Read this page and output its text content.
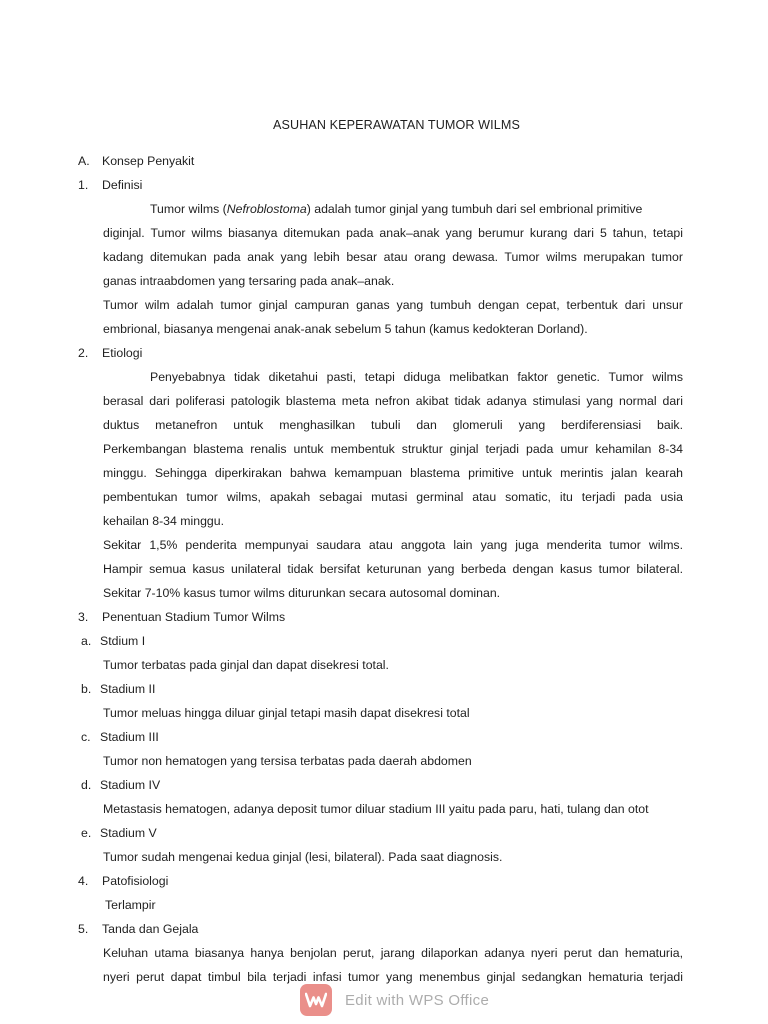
ASUHAN KEPERAWATAN TUMOR WILMS
A. Konsep Penyakit
1. Definisi
Tumor wilms (Nefroblostoma) adalah tumor ginjal yang tumbuh dari sel embrional primitive
diginjal. Tumor wilms biasanya ditemukan pada anak–anak yang berumur kurang dari 5 tahun, tetapi
kadang ditemukan pada anak yang lebih besar atau orang dewasa. Tumor wilms merupakan tumor
ganas intraabdomen yang tersaring pada anak–anak.
Tumor wilm adalah tumor ginjal campuran ganas yang tumbuh dengan cepat, terbentuk dari unsur
embrional, biasanya mengenai anak-anak sebelum 5 tahun (kamus kedokteran Dorland).
2. Etiologi
Penyebabnya tidak diketahui pasti, tetapi diduga melibatkan faktor genetic. Tumor wilms
berasal dari poliferasi patologik blastema meta nefron akibat tidak adanya stimulasi yang normal dari
duktus metanefron untuk menghasilkan tubuli dan glomeruli yang berdiferensiasi baik.
Perkembangan blastema renalis untuk membentuk struktur ginjal terjadi pada umur kehamilan 8-34
minggu. Sehingga diperkirakan bahwa kemampuan blastema primitive untuk merintis jalan kearah
pembentukan tumor wilms, apakah sebagai mutasi germinal atau somatic, itu terjadi pada usia
kehailan 8-34 minggu.
Sekitar 1,5% penderita mempunyai saudara atau anggota lain yang juga menderita tumor wilms.
Hampir semua kasus unilateral tidak bersifat keturunan yang berbeda dengan kasus tumor bilateral.
Sekitar 7-10% kasus tumor wilms diturunkan secara autosomal dominan.
3. Penentuan Stadium Tumor Wilms
a. Stdium I
Tumor terbatas pada ginjal dan dapat disekresi total.
b. Stadium II
Tumor meluas hingga diluar ginjal tetapi masih dapat disekresi total
c. Stadium III
Tumor non hematogen yang tersisa terbatas pada daerah abdomen
d. Stadium IV
Metastasis hematogen, adanya deposit tumor diluar stadium III yaitu pada paru, hati, tulang dan otot
e. Stadium V
Tumor sudah mengenai kedua ginjal (lesi, bilateral). Pada saat diagnosis.
4. Patofisiologi
Terlampir
5. Tanda dan Gejala
Keluhan utama biasanya hanya benjolan perut, jarang dilaporkan adanya nyeri perut dan hematuria,
nyeri perut dapat timbul bila terjadi infasi tumor yang menembus ginjal sedangkan hematuria terjadi
Edit with WPS Office
